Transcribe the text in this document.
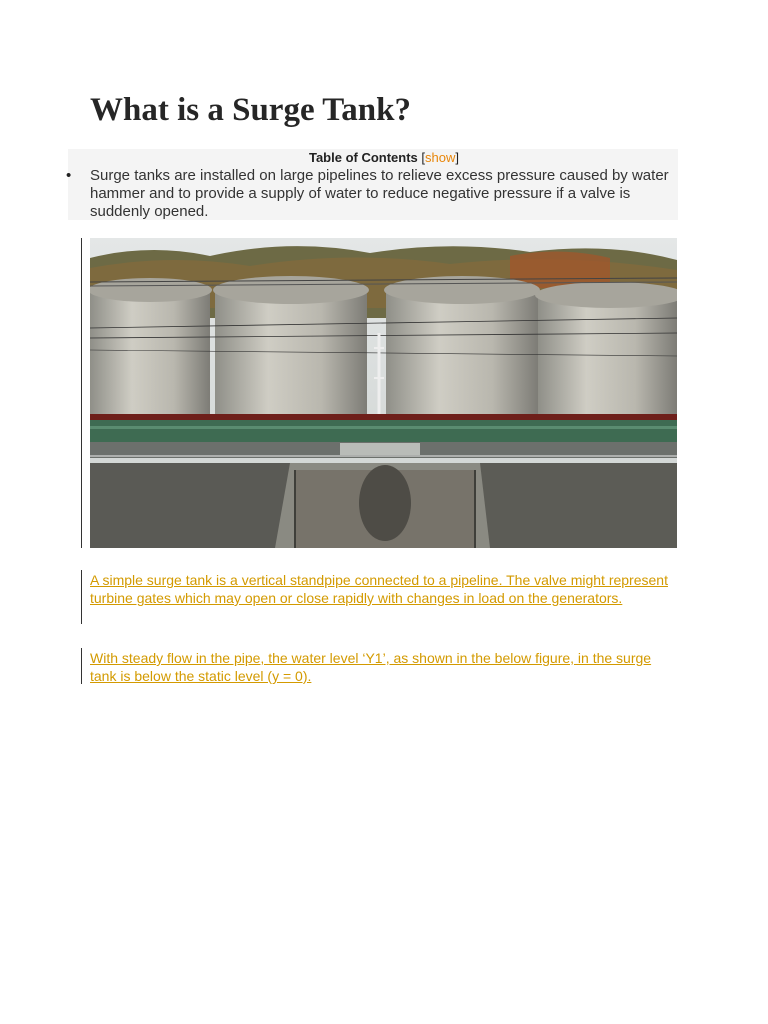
What is a Surge Tank?
Table of Contents [show]
• Surge tanks are installed on large pipelines to relieve excess pressure caused by water hammer and to provide a supply of water to reduce negative pressure if a valve is suddenly opened.
A simple surge tank is a vertical standpipe connected to a pipeline. The valve might represent turbine gates which may open or close rapidly with changes in load on the generators.
With steady flow in the pipe, the water level ‘Y1’, as shown in the below figure, in the surge tank is below the static level (y = 0).
